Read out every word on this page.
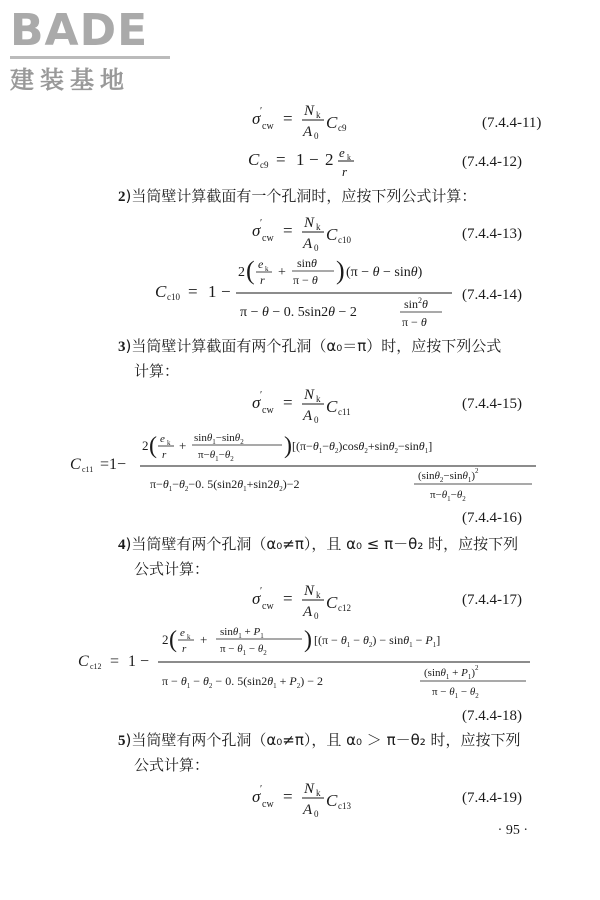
BADE
建装基地
σ cw
′ = N k
A 0
C c9	(7.4.4-11)
C c9 = 1 − 2 e k
r
(7.4.4-12)
2)当筒壁计算截面有一个孔洞时，应按下列公式计算：
σ cw
′ = N k
A 0
C c10	(7.4.4-13)
C c10 = 1 −
2 ( e k
r +
sinθ
π − θ ) (π − θ − sinθ)
π − θ − 0. 5sin2θ − 2
$\sin^2\theta$
π − θ
(7.4.4-14)
3)当筒壁计算截面有两个孔洞（α₀＝π）时，应按下列公式
计算：
σ cw
′ = N k
A 0
C c11	(7.4.4-15)
C c11 =1−
2 ( e k
r
+ sinθ$_1$−sinθ$_2$
$\pi-\theta_1-\theta_2$ ) $[(\pi-\theta_1-\theta_2)\cos\theta_2+\sin\theta_2-\sin\theta_1]$
$\pi-\theta_1-\theta_2-0$. $5(\sin 2\theta_1+\sin 2\theta_2)-2$
$(\sin\theta_2-\sin\theta_1)^2$
$\pi-\theta_1-\theta_2$
(7.4.4-16)
4)当筒壁有两个孔洞（α₀≠π），且 α₀ ≤ π－θ₂ 时，应按下列
公式计算：
σ cw
′ = N k
A 0
C c12	(7.4.4-17)
C c12 = 1 −
2 ( e k
r
+ $\sin\theta_1 + P_1$
$\pi - \theta_1 - \theta_2$ ) $[(\pi - \theta_1 - \theta_2) - \sin\theta_1 - P_1]$
$\pi - \theta_1 - \theta_2 - 0$. $5(\sin 2\theta_1 + P_2) - 2$
$(\sin\theta_1 + P_1)^2$
$\pi - \theta_1 - \theta_2$
(7.4.4-18)
5)当筒壁有两个孔洞（α₀≠π），且 α₀ ＞ π－θ₂ 时，应按下列
公式计算：
σ cw
′ = N k
A 0
C c13	(7.4.4-19)
· 95 ·
